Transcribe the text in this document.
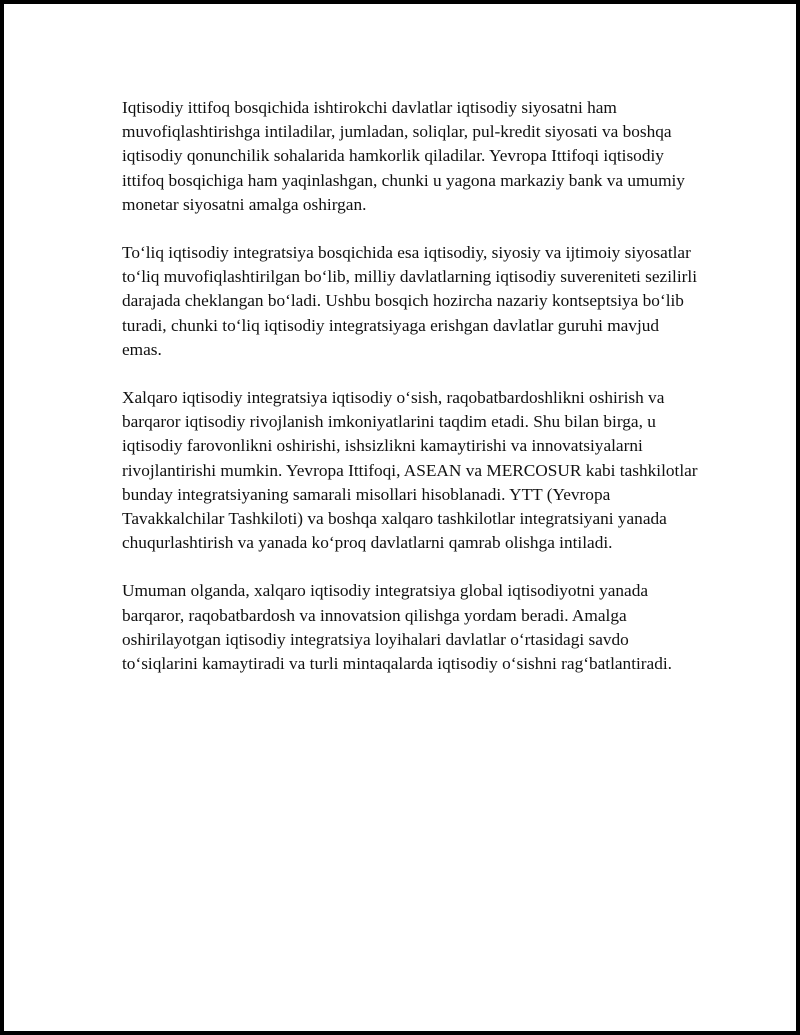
Iqtisodiy ittifoq bosqichida ishtirokchi davlatlar iqtisodiy siyosatni ham muvofiqlashtirishga intiladilar, jumladan, soliqlar, pul-kredit siyosati va boshqa iqtisodiy qonunchilik sohalarida hamkorlik qiladilar. Yevropa Ittifoqi iqtisodiy ittifoq bosqichiga ham yaqinlashgan, chunki u yagona markaziy bank va umumiy monetar siyosatni amalga oshirgan.

To‘liq iqtisodiy integratsiya bosqichida esa iqtisodiy, siyosiy va ijtimoiy siyosatlar to‘liq muvofiqlashtirilgan bo‘lib, milliy davlatlarning iqtisodiy suvereniteti sezilirli darajada cheklangan bo‘ladi. Ushbu bosqich hozircha nazariy kontseptsiya bo‘lib turadi, chunki to‘liq iqtisodiy integratsiyaga erishgan davlatlar guruhi mavjud emas.

Xalqaro iqtisodiy integratsiya iqtisodiy o‘sish, raqobatbardoshlikni oshirish va barqaror iqtisodiy rivojlanish imkoniyatlarini taqdim etadi. Shu bilan birga, u iqtisodiy farovonlikni oshirishi, ishsizlikni kamaytirishi va innovatsiyalarni rivojlantirishi mumkin. Yevropa Ittifoqi, ASEAN va MERCOSUR kabi tashkilotlar bunday integratsiyaning samarali misollari hisoblanadi. YTT (Yevropa Tavakkalchilar Tashkiloti) va boshqa xalqaro tashkilotlar integratsiyani yanada chuqurlashtirish va yanada ko‘proq davlatlarni qamrab olishga intiladi.

Umuman olganda, xalqaro iqtisodiy integratsiya global iqtisodiyotni yanada barqaror, raqobatbardosh va innovatsion qilishga yordam beradi. Amalga oshirilayotgan iqtisodiy integratsiya loyihalari davlatlar o‘rtasidagi savdo to‘siqlarini kamaytiradi va turli mintaqalarda iqtisodiy o‘sishni rag‘batlantiradi.
